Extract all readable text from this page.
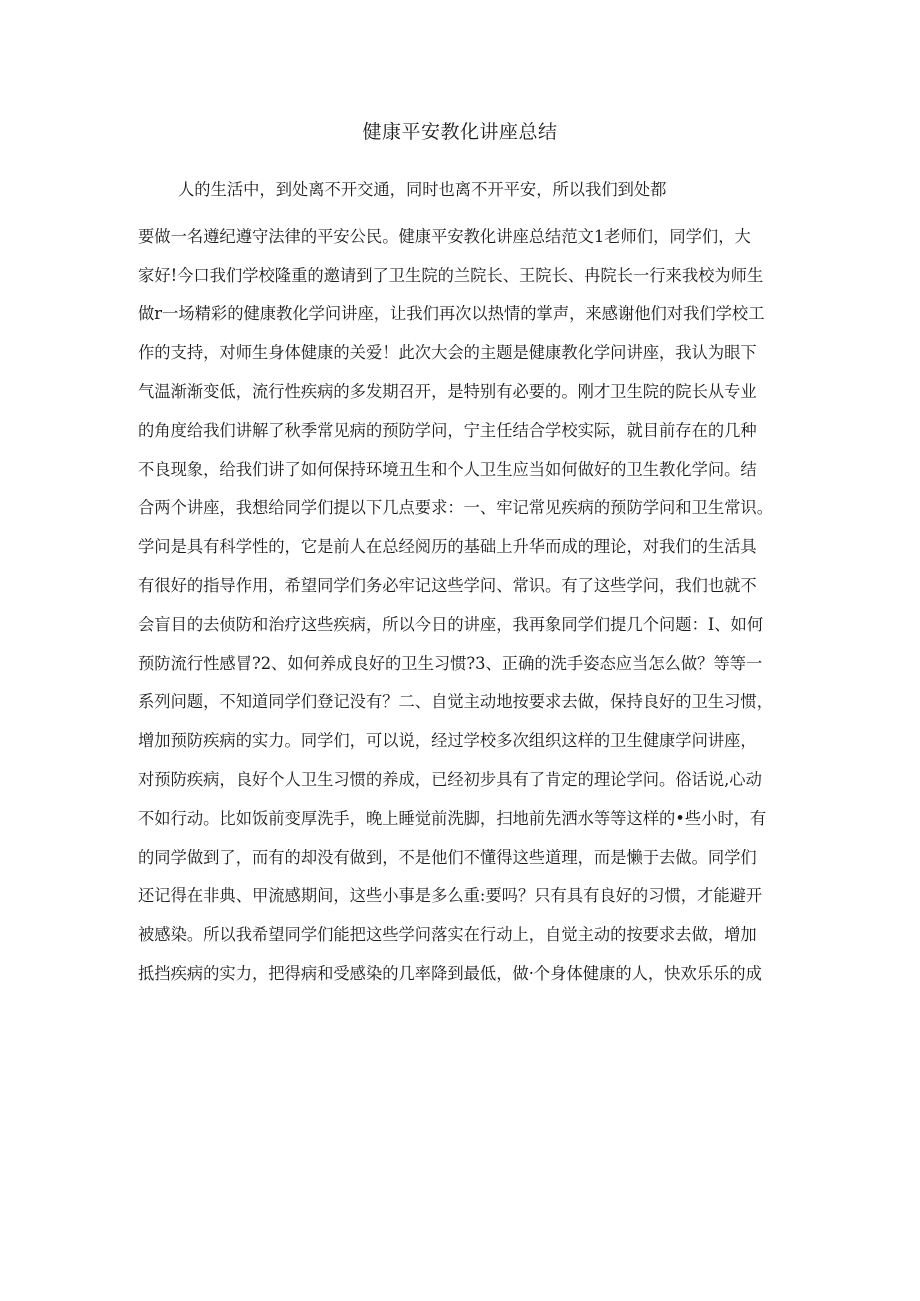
健康平安教化讲座总结
人的生活中，到处离不开交通，同时也离不开平安，所以我们到处都
要做一名遵纪遵守法律的平安公民。健康平安教化讲座总结范文1老师们，同学们，大
家好!今口我们学校隆重的邀请到了卫生院的兰院长、王院长、冉院长一行来我校为师生
做r一场精彩的健康教化学问讲座，让我们再次以热情的掌声，来感谢他们对我们学校工
作的支持，对师生身体健康的关爱！此次大会的主题是健康教化学问讲座，我认为眼下
气温渐渐变低，流行性疾病的多发期召开，是特别有必要的。刚才卫生院的院长从专业
的角度给我们讲解了秋季常见病的预防学问，宁主任结合学校实际，就目前存在的几种
不良现象，给我们讲了如何保持环境丑生和个人卫生应当如何做好的卫生教化学问。结
合两个讲座，我想给同学们提以下几点要求：一、牢记常见疾病的预防学问和卫生常识。
学问是具有科学性的，它是前人在总经阅历的基础上升华而成的理论，对我们的生活具
有很好的指导作用，希望同学们务必牢记这些学问、常识。有了这些学问，我们也就不
会盲目的去侦防和治疗这些疾病，所以今日的讲座，我再象同学们提几个问题：I、如何
预防流行性感冒?2、如何养成良好的卫生习惯?3、正确的洗手姿态应当怎么做？等等一
系列问题，不知道同学们登记没有？二、自觉主动地按要求去做，保持良好的卫生习惯，
增加预防疾病的实力。同学们，可以说，经过学校多次组织这样的卫生健康学问讲座，
对预防疾病，良好个人卫生习惯的养成，已经初步具有了肯定的理论学问。俗话说,心动
不如行动。比如饭前变厚洗手，晚上睡觉前洗脚，扫地前先洒水等等这样的•些小时，有
的同学做到了，而有的却没有做到，不是他们不懂得这些道理，而是懒于去做。同学们
还记得在非典、甲流感期间，这些小事是多么重:要吗？只有具有良好的习惯，才能避开
被感染。所以我希望同学们能把这些学问落实在行动上，自觉主动的按要求去做，增加
抵挡疾病的实力，把得病和受感染的几率降到最低，做·个身体健康的人，快欢乐乐的成
